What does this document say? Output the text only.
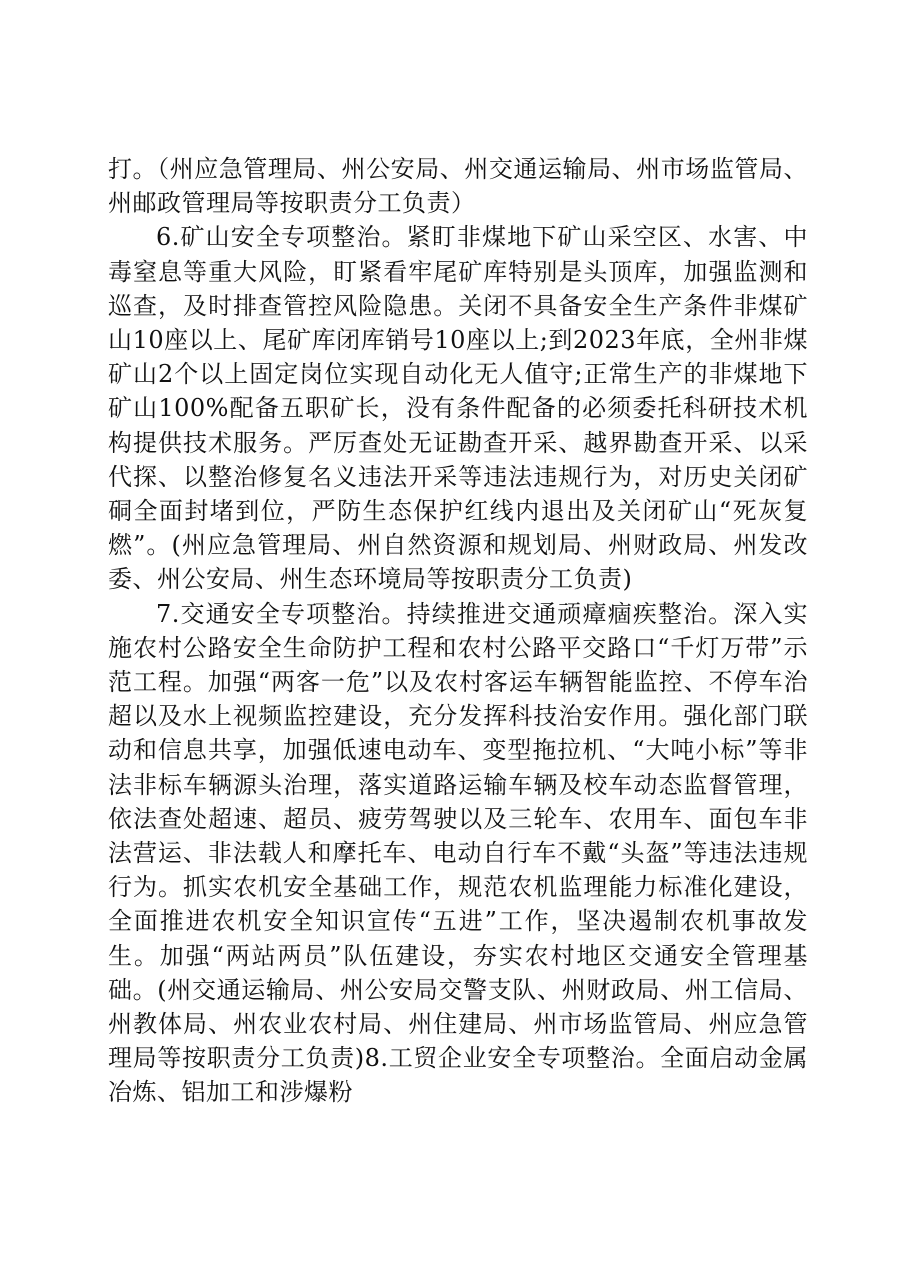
打。（州应急管理局、州公安局、州交通运输局、州市场监管局、州邮政管理局等按职责分工负责）

6.矿山安全专项整治。紧盯非煤地下矿山采空区、水害、中毒窒息等重大风险，盯紧看牢尾矿库特别是头顶库，加强监测和巡查，及时排查管控风险隐患。关闭不具备安全生产条件非煤矿山10座以上、尾矿库闭库销号10座以上;到2023年底，全州非煤矿山2个以上固定岗位实现自动化无人值守;正常生产的非煤地下矿山100%配备五职矿长，没有条件配备的必须委托科研技术机构提供技术服务。严厉查处无证勘查开采、越界勘查开采、以采代探、以整治修复名义违法开采等违法违规行为，对历史关闭矿硐全面封堵到位，严防生态保护红线内退出及关闭矿山“死灰复燃”。(州应急管理局、州自然资源和规划局、州财政局、州发改委、州公安局、州生态环境局等按职责分工负责)

7.交通安全专项整治。持续推进交通顽瘴痼疾整治。深入实施农村公路安全生命防护工程和农村公路平交路口“千灯万带”示范工程。加强“两客一危”以及农村客运车辆智能监控、不停车治超以及水上视频监控建设，充分发挥科技治安作用。强化部门联动和信息共享，加强低速电动车、变型拖拉机、“大吨小标”等非法非标车辆源头治理，落实道路运输车辆及校车动态监督管理，依法查处超速、超员、疲劳驾驶以及三轮车、农用车、面包车非法营运、非法载人和摩托车、电动自行车不戴“头盔”等违法违规行为。抓实农机安全基础工作，规范农机监理能力标准化建设，全面推进农机安全知识宣传“五进”工作，坚决遏制农机事故发生。加强“两站两员”队伍建设，夯实农村地区交通安全管理基础。(州交通运输局、州公安局交警支队、州财政局、州工信局、州教体局、州农业农村局、州住建局、州市场监管局、州应急管理局等按职责分工负责)8.工贸企业安全专项整治。全面启动金属冶炼、铝加工和涉爆粉
